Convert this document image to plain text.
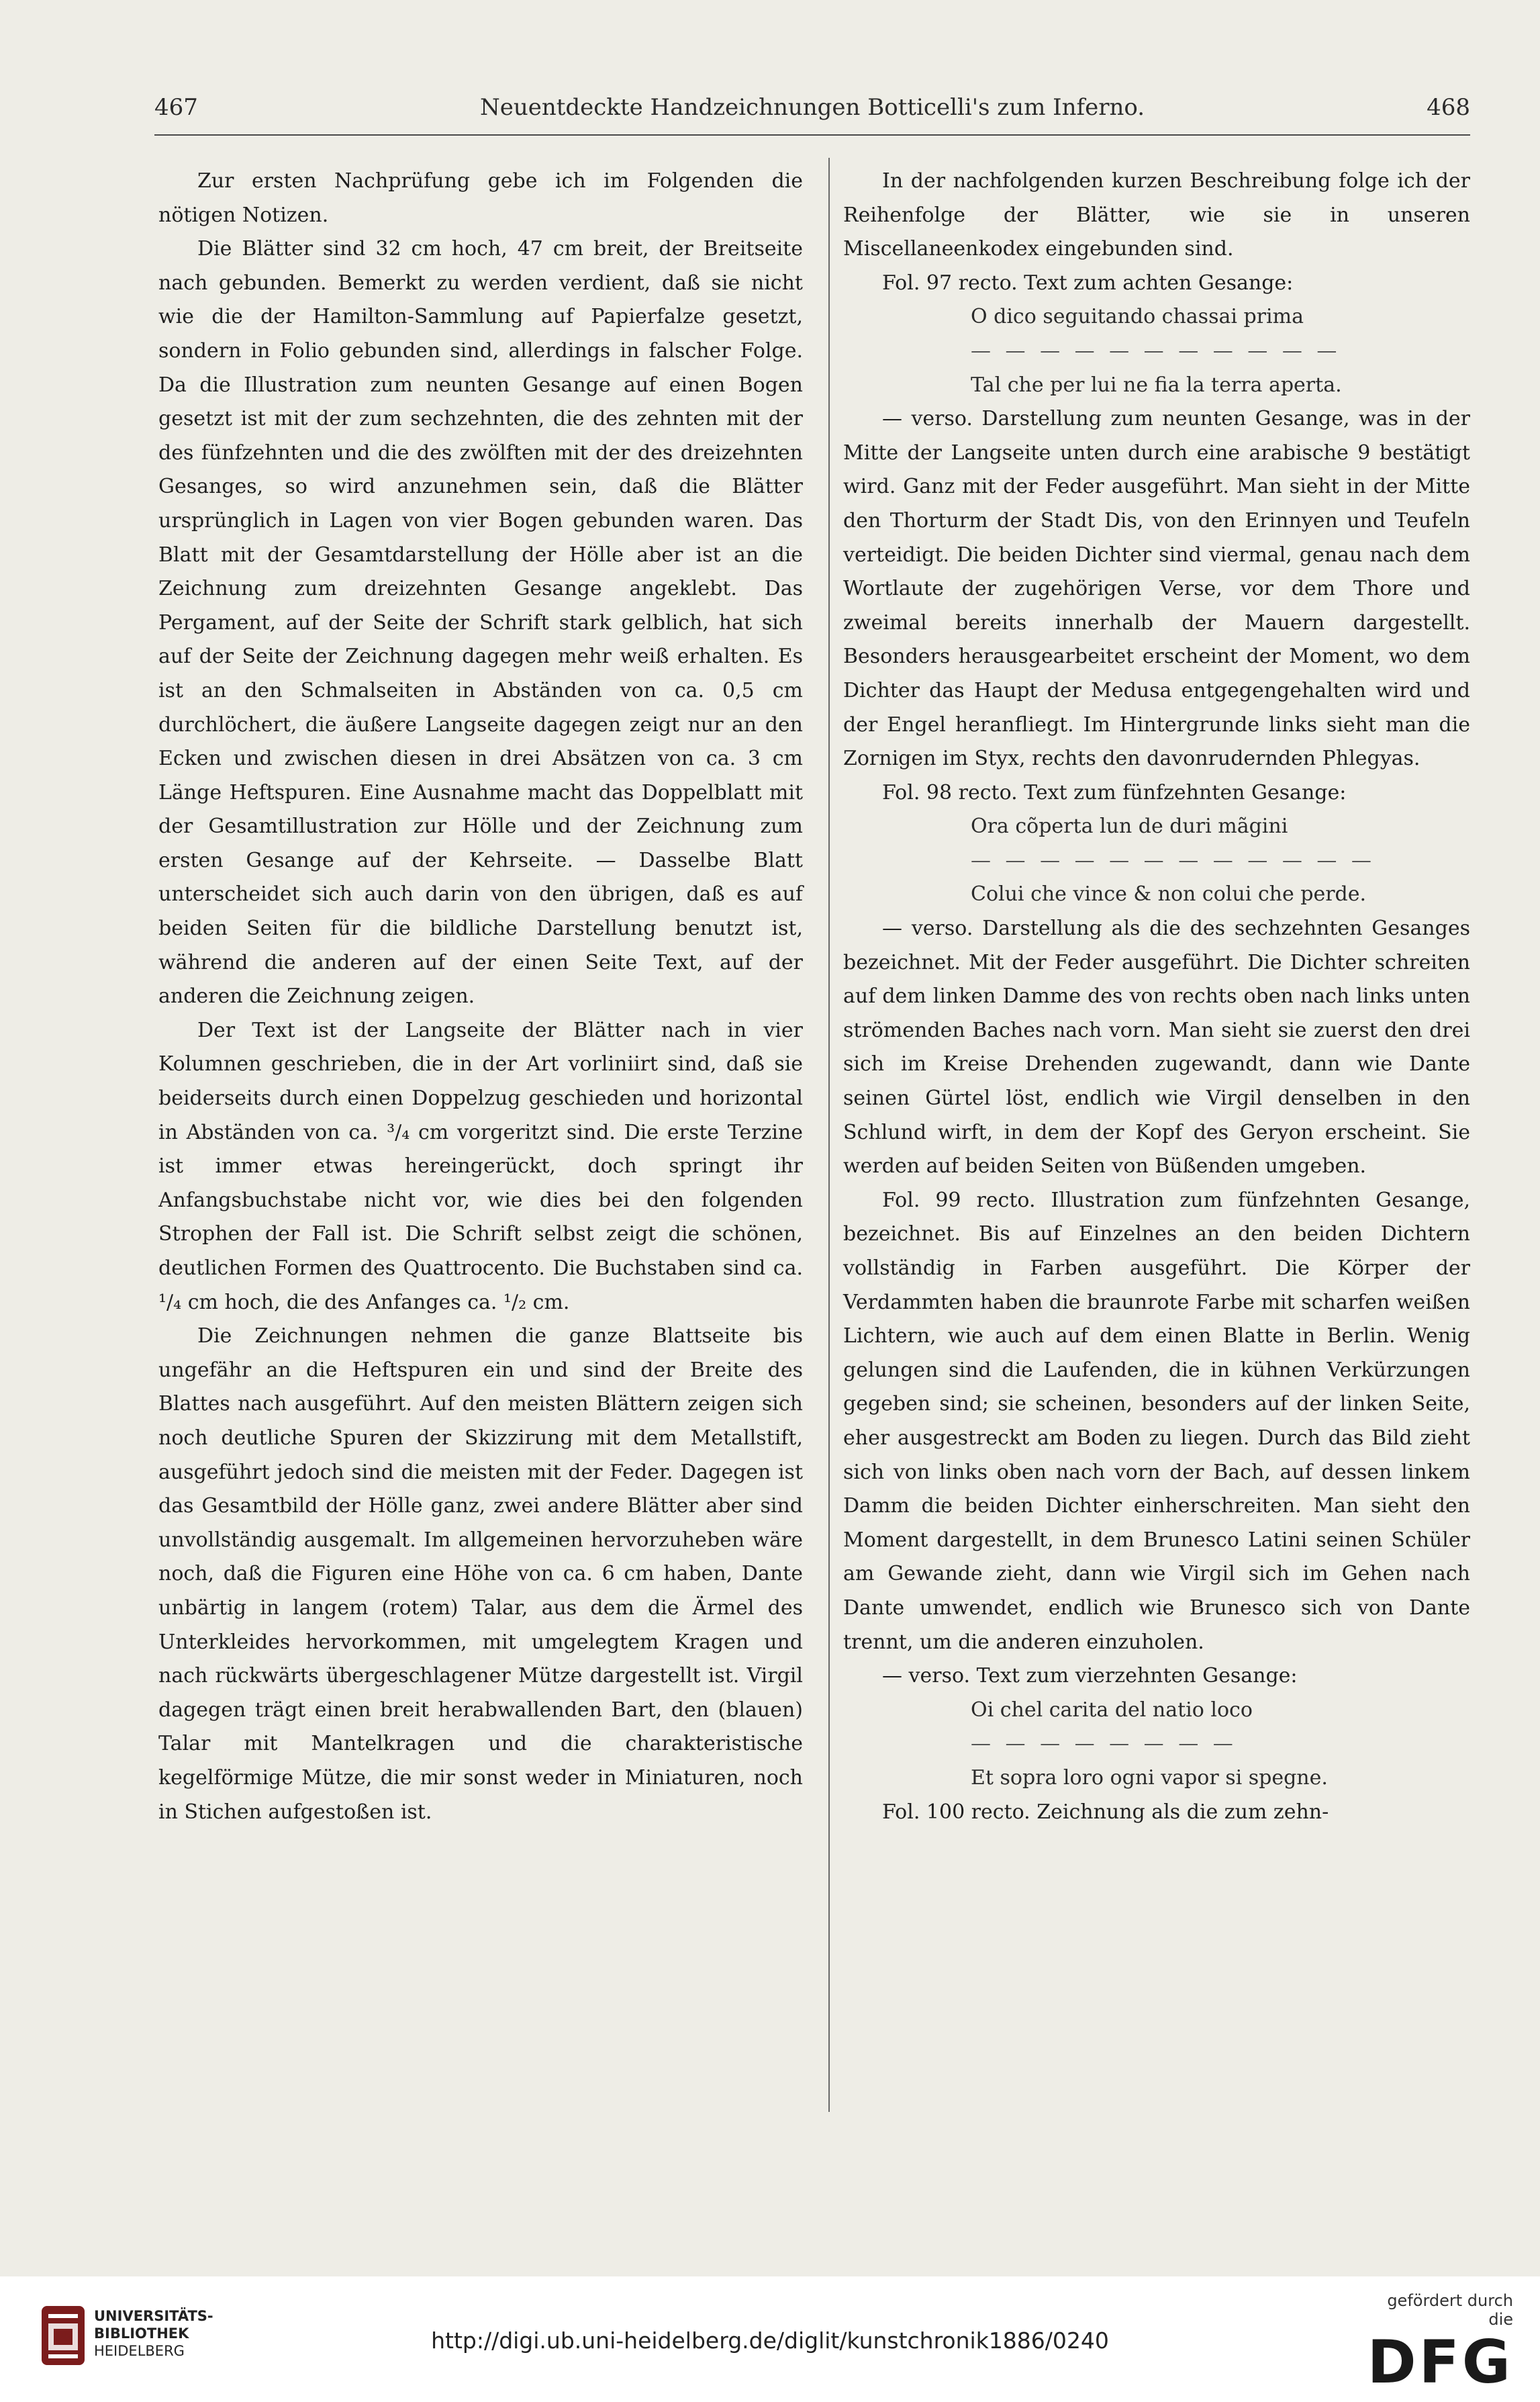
467	Neuentdeckte Handzeichnungen Botticelli's zum Inferno.	468

Zur ersten Nachprüfung gebe ich im Folgenden die nötigen Notizen.

Die Blätter sind 32 cm hoch, 47 cm breit, der Breitseite nach gebunden. Bemerkt zu werden verdient, daß sie nicht wie die der Hamilton-Sammlung auf Papierfalze gesetzt, sondern in Folio gebunden sind, allerdings in falscher Folge. Da die Illustration zum neunten Gesange auf einen Bogen gesetzt ist mit der zum sechzehnten, die des zehnten mit der des fünfzehnten und die des zwölften mit der des dreizehnten Gesanges, so wird anzunehmen sein, daß die Blätter ursprünglich in Lagen von vier Bogen gebunden waren. Das Blatt mit der Gesamtdarstellung der Hölle aber ist an die Zeichnung zum dreizehnten Gesange angeklebt. Das Pergament, auf der Seite der Schrift stark gelblich, hat sich auf der Seite der Zeichnung dagegen mehr weiß erhalten. Es ist an den Schmalseiten in Abständen von ca. 0,5 cm durchlöchert, die äußere Langseite dagegen zeigt nur an den Ecken und zwischen diesen in drei Absätzen von ca. 3 cm Länge Heftspuren. Eine Ausnahme macht das Doppelblatt mit der Gesamtillustration zur Hölle und der Zeichnung zum ersten Gesange auf der Kehrseite. — Dasselbe Blatt unterscheidet sich auch darin von den übrigen, daß es auf beiden Seiten für die bildliche Darstellung benutzt ist, während die anderen auf der einen Seite Text, auf der anderen die Zeichnung zeigen.

Der Text ist der Langseite der Blätter nach in vier Kolumnen geschrieben, die in der Art vorliniirt sind, daß sie beiderseits durch einen Doppelzug geschieden und horizontal in Abständen von ca. ³/₄ cm vorgeritzt sind. Die erste Terzine ist immer etwas hereingerückt, doch springt ihr Anfangsbuchstabe nicht vor, wie dies bei den folgenden Strophen der Fall ist. Die Schrift selbst zeigt die schönen, deutlichen Formen des Quattrocento. Die Buchstaben sind ca. ¹/₄ cm hoch, die des Anfanges ca. ¹/₂ cm.

Die Zeichnungen nehmen die ganze Blattseite bis ungefähr an die Heftspuren ein und sind der Breite des Blattes nach ausgeführt. Auf den meisten Blättern zeigen sich noch deutliche Spuren der Skizzirung mit dem Metallstift, ausgeführt jedoch sind die meisten mit der Feder. Dagegen ist das Gesamtbild der Hölle ganz, zwei andere Blätter aber sind unvollständig ausgemalt. Im allgemeinen hervorzuheben wäre noch, daß die Figuren eine Höhe von ca. 6 cm haben, Dante unbärtig in langem (rotem) Talar, aus dem die Ärmel des Unterkleides hervorkommen, mit umgelegtem Kragen und nach rückwärts übergeschlagener Mütze dargestellt ist. Virgil dagegen trägt einen breit herabwallenden Bart, den (blauen) Talar mit Mantelkragen und die charakteristische kegelförmige Mütze, die mir sonst weder in Miniaturen, noch in Stichen aufgestoßen ist.

In der nachfolgenden kurzen Beschreibung folge ich der Reihenfolge der Blätter, wie sie in unseren Miscellaneenkodex eingebunden sind.

Fol. 97 recto. Text zum achten Gesange:

O dico seguitando chassai prima

— — — — — — — — — — —

Tal che per lui ne fia la terra aperta.

— verso. Darstellung zum neunten Gesange, was in der Mitte der Langseite unten durch eine arabische 9 bestätigt wird. Ganz mit der Feder ausgeführt. Man sieht in der Mitte den Thorturm der Stadt Dis, von den Erinnyen und Teufeln verteidigt. Die beiden Dichter sind viermal, genau nach dem Wortlaute der zugehörigen Verse, vor dem Thore und zweimal bereits innerhalb der Mauern dargestellt. Besonders herausgearbeitet erscheint der Moment, wo dem Dichter das Haupt der Medusa entgegengehalten wird und der Engel heranfliegt. Im Hintergrunde links sieht man die Zornigen im Styx, rechts den davonrudernden Phlegyas.

Fol. 98 recto. Text zum fünfzehnten Gesange:

Ora cõperta lun de duri mãgini

— — — — — — — — — — — —

Colui che vince & non colui che perde.

— verso. Darstellung als die des sechzehnten Gesanges bezeichnet. Mit der Feder ausgeführt. Die Dichter schreiten auf dem linken Damme des von rechts oben nach links unten strömenden Baches nach vorn. Man sieht sie zuerst den drei sich im Kreise Drehenden zugewandt, dann wie Dante seinen Gürtel löst, endlich wie Virgil denselben in den Schlund wirft, in dem der Kopf des Geryon erscheint. Sie werden auf beiden Seiten von Büßenden umgeben.

Fol. 99 recto. Illustration zum fünfzehnten Gesange, bezeichnet. Bis auf Einzelnes an den beiden Dichtern vollständig in Farben ausgeführt. Die Körper der Verdammten haben die braunrote Farbe mit scharfen weißen Lichtern, wie auch auf dem einen Blatte in Berlin. Wenig gelungen sind die Laufenden, die in kühnen Verkürzungen gegeben sind; sie scheinen, besonders auf der linken Seite, eher ausgestreckt am Boden zu liegen. Durch das Bild zieht sich von links oben nach vorn der Bach, auf dessen linkem Damm die beiden Dichter einherschreiten. Man sieht den Moment dargestellt, in dem Brunesco Latini seinen Schüler am Gewande zieht, dann wie Virgil sich im Gehen nach Dante umwendet, endlich wie Brunesco sich von Dante trennt, um die anderen einzuholen.

— verso. Text zum vierzehnten Gesange:

Oi chel carita del natio loco

— — — — — — — —

Et sopra loro ogni vapor si spegne.

Fol. 100 recto. Zeichnung als die zum zehn-

UNIVERSITÄTS-
BIBLIOTHEK
HEIDELBERG	http://digi.ub.uni-heidelberg.de/diglit/kunstchronik1886/0240
gefördert durch die
DFG
